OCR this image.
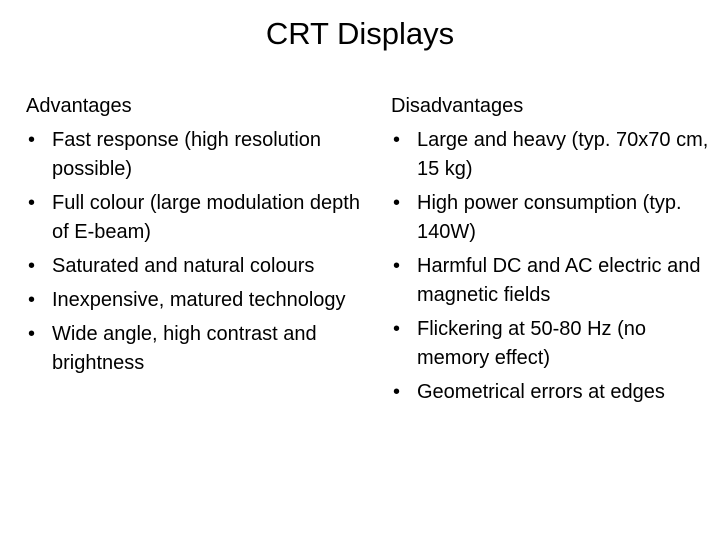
CRT Displays
Advantages
• Fast response (high resolution possible)
• Full colour (large modulation depth of E-beam)
• Saturated and natural colours
• Inexpensive, matured technology
• Wide angle, high contrast and brightness
Disadvantages
• Large and heavy (typ. 70x70 cm, 15 kg)
• High power consumption (typ. 140W)
• Harmful DC and AC electric and magnetic fields
• Flickering at 50-80 Hz (no memory effect)
• Geometrical errors at edges
